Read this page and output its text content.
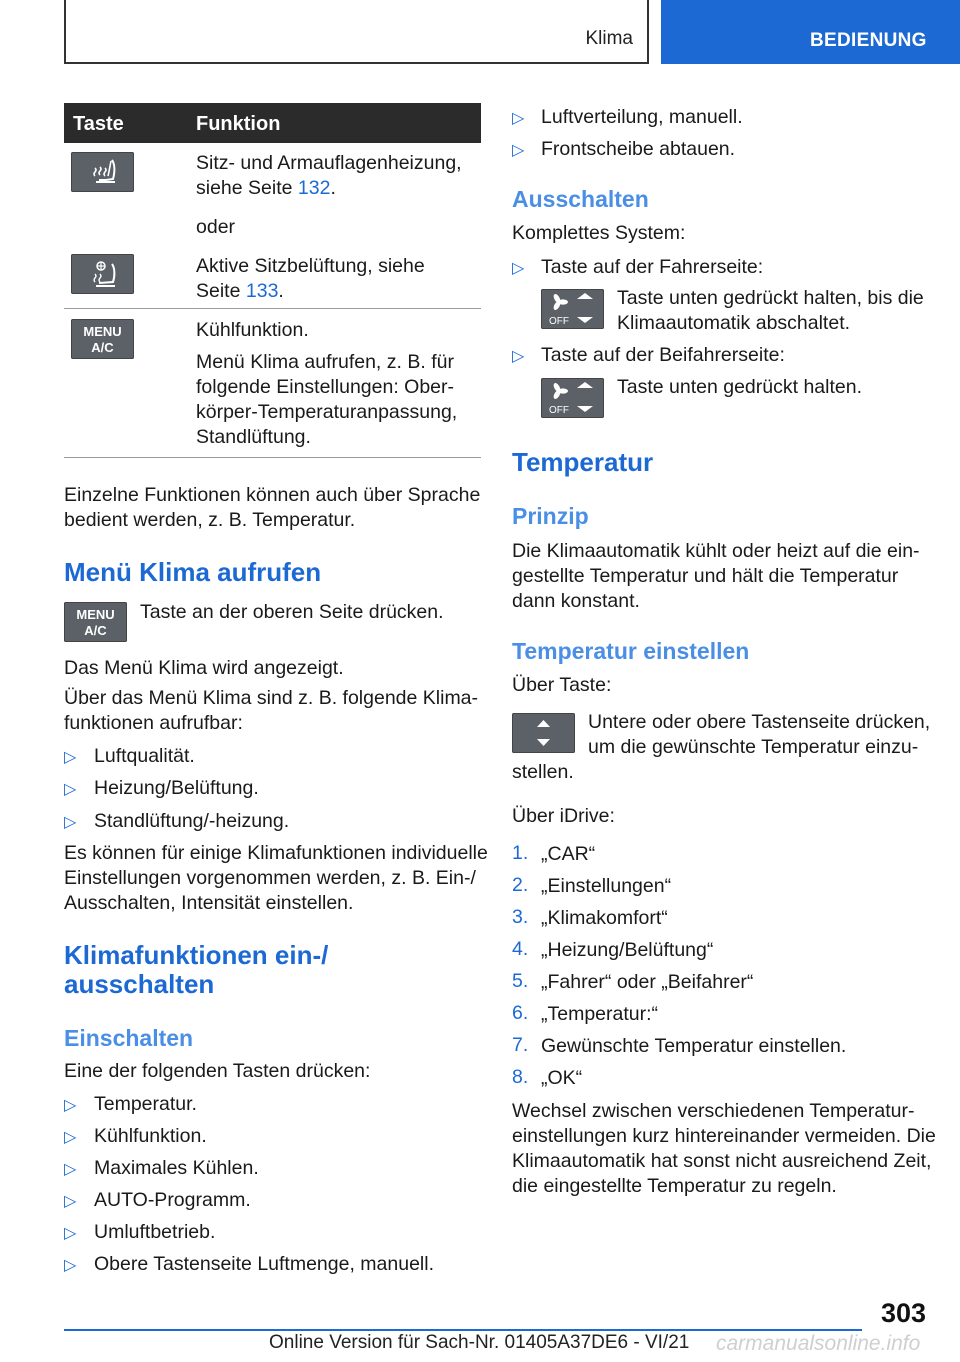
Klima	BEDIENUNG
Taste	Funktion
Sitz- und Armauflagenheizung,
siehe Seite 132.
oder
Aktive Sitzbelüftung, siehe
Seite 133.
MENU
A/C
Kühlfunktion.
Menü Klima aufrufen, z. B. für
folgende Einstellungen: Ober-
körper-Temperaturanpassung,
Standlüftung.
Einzelne Funktionen können auch über Sprache
bedient werden, z. B. Temperatur.
Menü Klima aufrufen
MENU
A/C
Taste an der oberen Seite drücken.
Das Menü Klima wird angezeigt.
Über das Menü Klima sind z. B. folgende Klima-
funktionen aufrufbar:
▷ Luftqualität.
▷ Heizung/Belüftung.
▷ Standlüftung/-heizung.
Es können für einige Klimafunktionen individuelle
Einstellungen vorgenommen werden, z. B. Ein-/
Ausschalten, Intensität einstellen.
Klimafunktionen ein-/
ausschalten
Einschalten
Eine der folgenden Tasten drücken:
▷ Temperatur.
▷ Kühlfunktion.
▷ Maximales Kühlen.
▷ AUTO-Programm.
▷ Umluftbetrieb.
▷ Obere Tastenseite Luftmenge, manuell.
▷ Luftverteilung, manuell.
▷ Frontscheibe abtauen.
Ausschalten
Komplettes System:
▷ Taste auf der Fahrerseite:
OFF
Taste unten gedrückt halten, bis die
Klimaautomatik abschaltet.
▷ Taste auf der Beifahrerseite:
OFF
Taste unten gedrückt halten.
Temperatur
Prinzip
Die Klimaautomatik kühlt oder heizt auf die ein-
gestellte Temperatur und hält die Temperatur
dann konstant.
Temperatur einstellen
Über Taste:
Untere oder obere Tastenseite drücken,
um die gewünschte Temperatur einzu-
stellen.
Über iDrive:
1. „CAR“
2. „Einstellungen“
3. „Klimakomfort“
4. „Heizung/Belüftung“
5. „Fahrer“ oder „Beifahrer“
6. „Temperatur:“
7. Gewünschte Temperatur einstellen.
8. „OK“
Wechsel zwischen verschiedenen Temperatur-
einstellungen kurz hintereinander vermeiden. Die
Klimaautomatik hat sonst nicht ausreichend Zeit,
die eingestellte Temperatur zu regeln.
303
Online Version für Sach-Nr. 01405A37DE6 - VI/21 carmanualsonline.info
